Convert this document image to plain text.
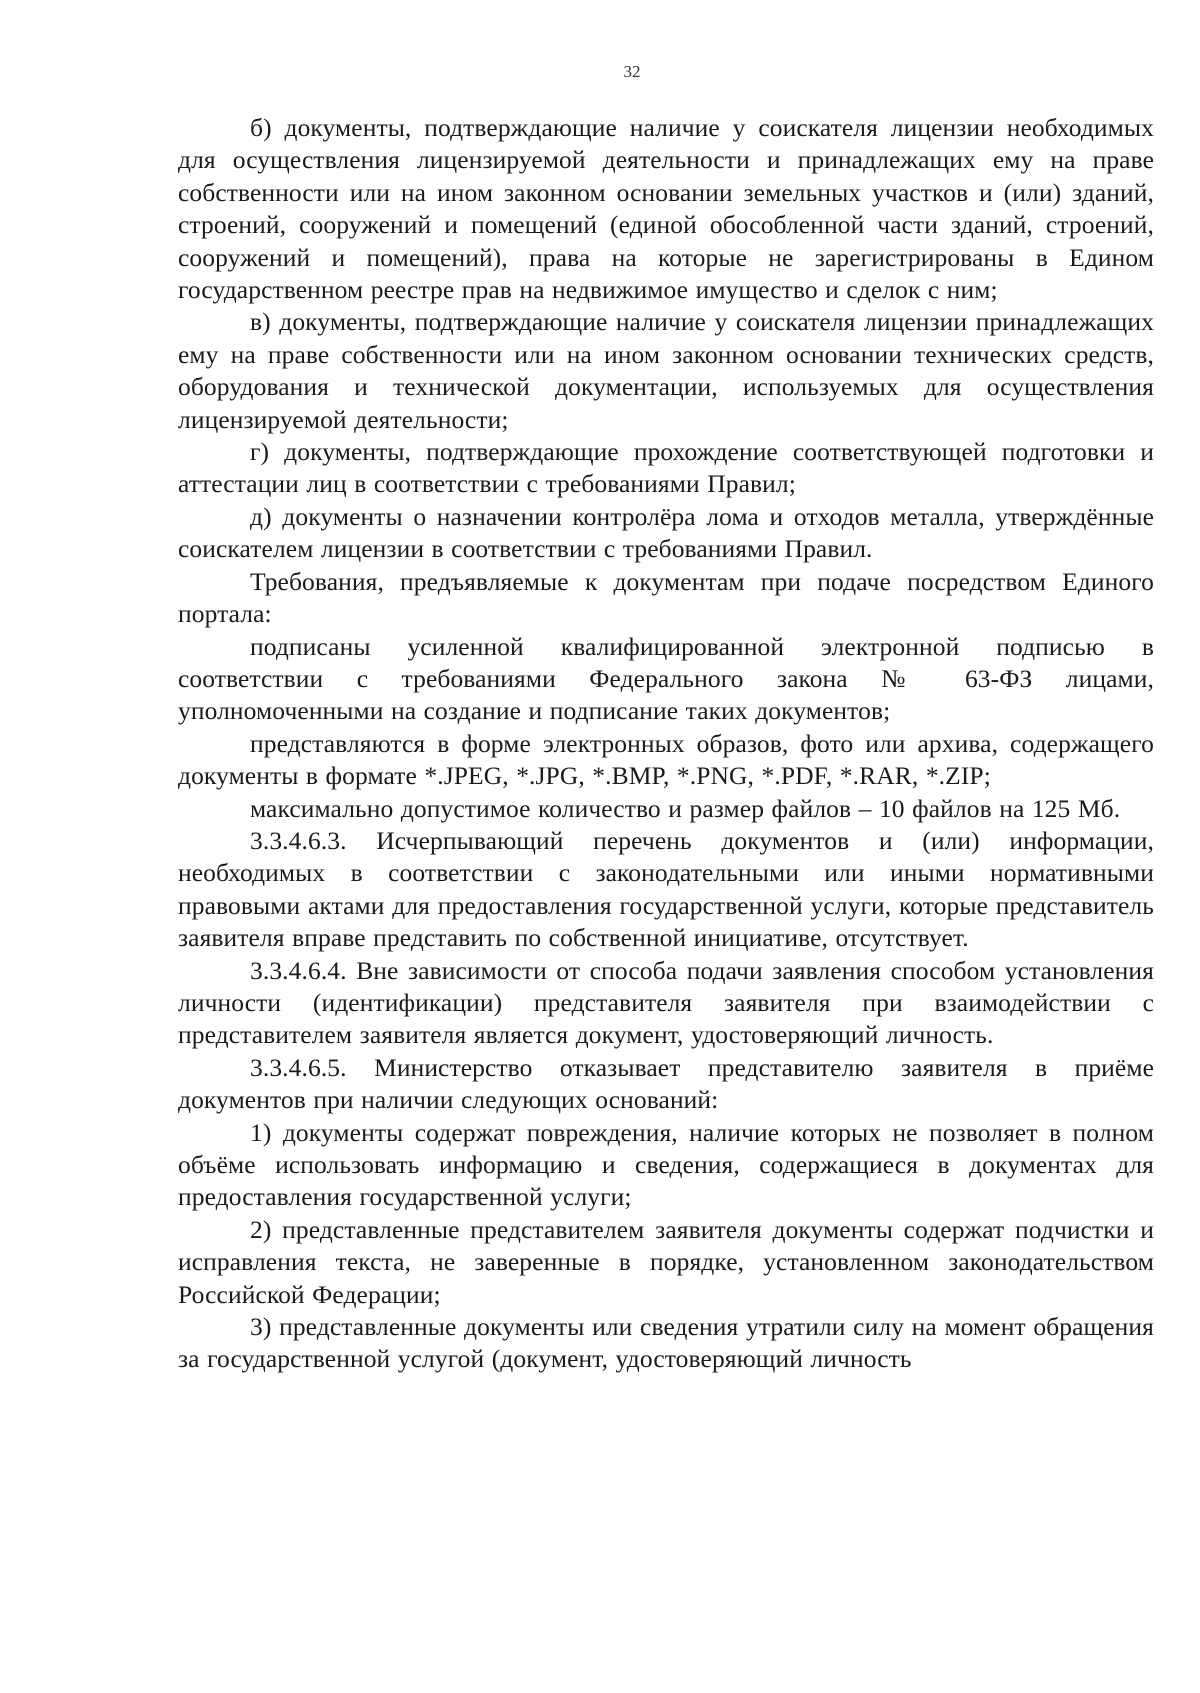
32

б) документы, подтверждающие наличие у соискателя лицензии необходимых для осуществления лицензируемой деятельности и принадлежащих ему на праве собственности или на ином законном основании земельных участков и (или) зданий, строений, сооружений и помещений (единой обособленной части зданий, строений, сооружений и помещений), права на которые не зарегистрированы в Едином государственном реестре прав на недвижимое имущество и сделок с ним;

в) документы, подтверждающие наличие у соискателя лицензии принадлежащих ему на праве собственности или на ином законном основании технических средств, оборудования и технической документации, используемых для осуществления лицензируемой деятельности;

г) документы, подтверждающие прохождение соответствующей подготовки и аттестации лиц в соответствии с требованиями Правил;

д) документы о назначении контролёра лома и отходов металла, утверждённые соискателем лицензии в соответствии с требованиями Правил.

Требования, предъявляемые к документам при подаче посредством Единого портала:

подписаны усиленной квалифицированной электронной подписью в соответствии с требованиями Федерального закона № 63-ФЗ лицами, уполномоченными на создание и подписание таких документов;

представляются в форме электронных образов, фото или архива, содержащего документы в формате *.JPEG, *.JPG, *.BMP, *.PNG, *.PDF, *.RAR, *.ZIP;

максимально допустимое количество и размер файлов – 10 файлов на 125 Мб.

3.3.4.6.3. Исчерпывающий перечень документов и (или) информации, необходимых в соответствии с законодательными или иными нормативными правовыми актами для предоставления государственной услуги, которые представитель заявителя вправе представить по собственной инициативе, отсутствует.

3.3.4.6.4. Вне зависимости от способа подачи заявления способом установления личности (идентификации) представителя заявителя при взаимодействии с представителем заявителя является документ, удостоверяющий личность.

3.3.4.6.5. Министерство отказывает представителю заявителя в приёме документов при наличии следующих оснований:

1) документы содержат повреждения, наличие которых не позволяет в полном объёме использовать информацию и сведения, содержащиеся в документах для предоставления государственной услуги;

2) представленные представителем заявителя документы содержат подчистки и исправления текста, не заверенные в порядке, установленном законодательством Российской Федерации;

3) представленные документы или сведения утратили силу на момент обращения за государственной услугой (документ, удостоверяющий личность
